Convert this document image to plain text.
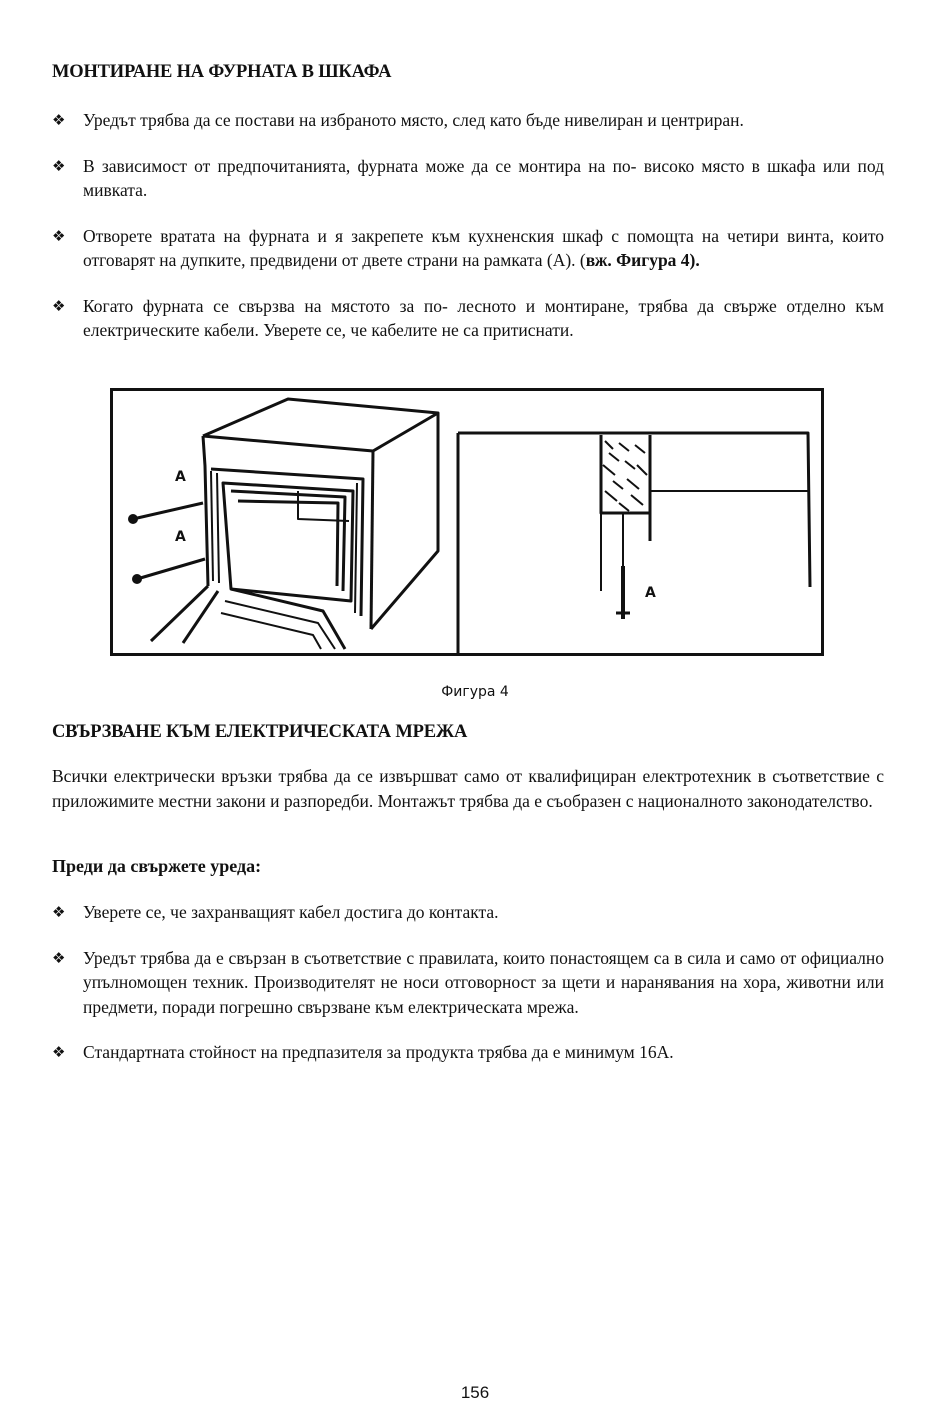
МОНТИРАНЕ НА ФУРНАТА В ШКАФА
❖ Уредът трябва да се постави на избраното място, след като бъде нивелиран и центриран.
❖ В зависимост от предпочитанията, фурната може да се монтира на по- високо място в шкафа или под мивката.
❖ Отворете вратата на фурната и я закрепете към кухненския шкаф с помощта на четири винта, които отговарят на дупките, предвидени от двете страни на рамката (A). (вж. Фигура 4).
❖ Когато фурната се свързва на мястото за по- лесното и монтиране, трябва да свърже отделно към електрическите кабели. Уверете се, че кабелите не са притиснати.
A
A
A
Фигура 4
СВЪРЗВАНЕ КЪМ ЕЛЕКТРИЧЕСКАТА МРЕЖА

Всички електрически връзки трябва да се извършват само от квалифициран електротехник в съответствие с приложимите местни закони и разпоредби. Монтажът трябва да е съобразен с националното законодателство.

Преди да свържете уреда:

❖ Уверете се, че захранващият кабел достига до контакта.
❖ Уредът трябва да е свързан в съответствие с правилата, които понастоящем са в сила и само от официално упълномощен техник. Производителят не носи отговорност за щети и наранявания на хора, животни или предмети, поради погрешно свързване към електрическата мрежа.
❖ Стандартната стойност на предпазителя за продукта трябва да е минимум 16А.
156
